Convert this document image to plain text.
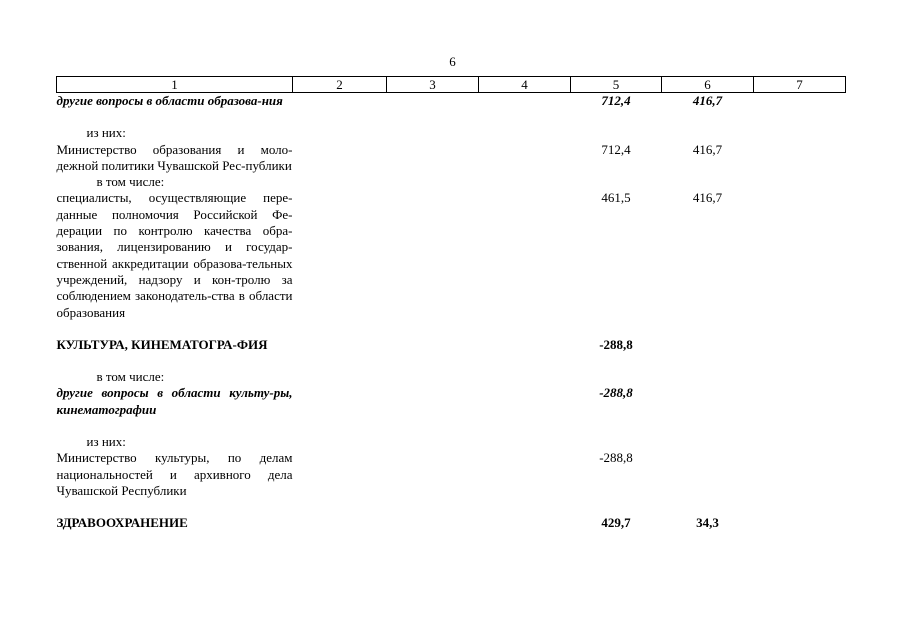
6
1	2	3	4	5	6	7
другие вопросы в области образова-ния				712,4	416,7	

из них:						
Министерство образования и моло-дежной политики Чувашской Рес-публики				712,4	416,7	
в том числе:						
специалисты, осуществляющие пере-данные полномочия Российской Фе-дерации по контролю качества обра-зования, лицензированию и государ-ственной аккредитации образова-тельных учреждений, надзору и кон-тролю за соблюдением законодатель-ства в области образования				461,5	416,7	

КУЛЬТУРА, КИНЕМАТОГРА-ФИЯ				-288,8		

в том числе:						
другие вопросы в области культу-ры, кинематографии				-288,8		

из них:						
Министерство культуры, по делам национальностей и архивного дела Чувашской Республики				-288,8		

ЗДРАВООХРАНЕНИЕ				429,7	34,3	
